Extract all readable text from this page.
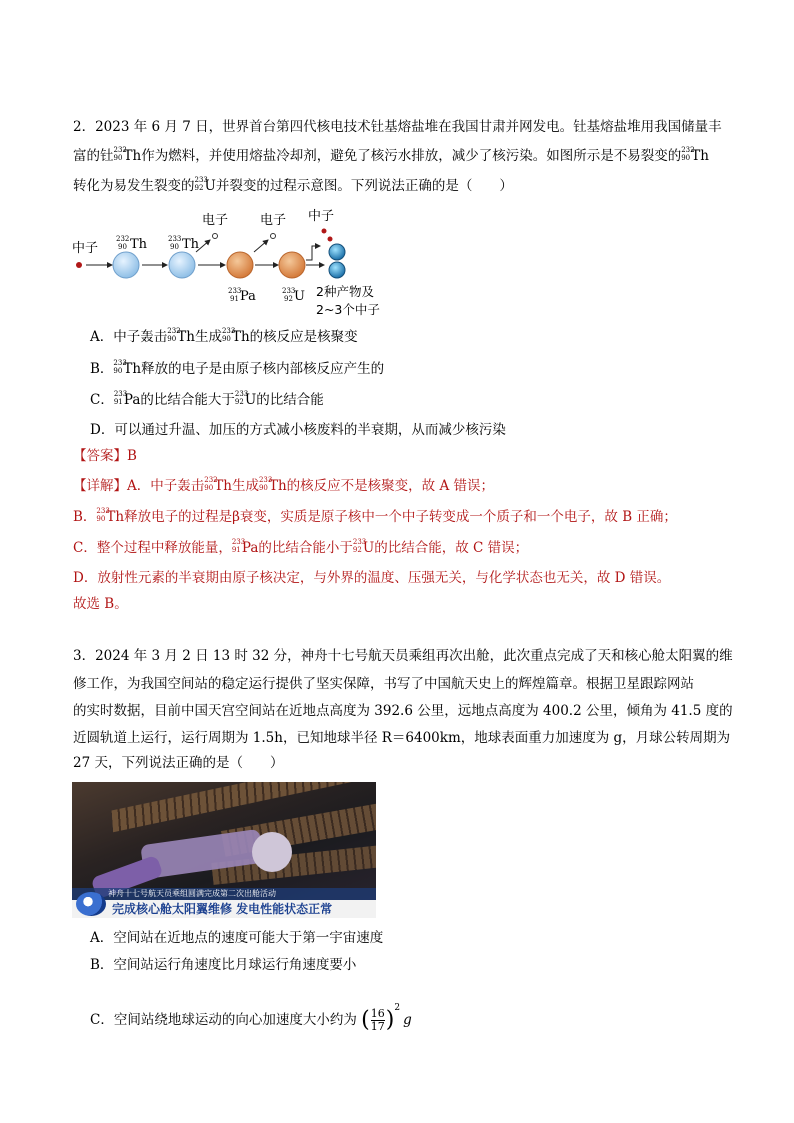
2．2023 年 6 月 7 日，世界首台第四代核电技术钍基熔盐堆在我国甘肃并网发电。钍基熔盐堆用我国储量丰
富的钍 232
90 Th作为燃料，并使用熔盐冷却剂，避免了核污水排放，减少了核污染。如图所示是不易裂变的 232
90 Th
转化为易发生裂变的 233
92 U并裂变的过程示意图。下列说法正确的是（　　）
中子
232
90 Th	233
90 Th
电子
233
91 Pa
电子
233
92 U
中子
2种产物及
2~3个中子
A．中子轰击 232
90 Th生成 233
90 Th的核反应是核聚变
B． 233
90 Th释放的电子是由原子核内部核反应产生的
C． 233
91 Pa的比结合能大于 233
92 U的比结合能
D．可以通过升温、加压的方式减小核废料的半衰期，从而减少核污染
【答案】B
【详解】A．中子轰击 232
90 Th生成 233
90 Th的核反应不是核聚变，故 A 错误；
B． 233
90 Th释放电子的过程是β衰变，实质是原子核中一个中子转变成一个质子和一个电子，故 B 正确；
C．整个过程中释放能量， 233
91 Pa的比结合能小于 233
92 U的比结合能，故 C 错误；
D．放射性元素的半衰期由原子核决定，与外界的温度、压强无关，与化学状态也无关，故 D 错误。
故选 B。
3．2024 年 3 月 2 日 13 时 32 分，神舟十七号航天员乘组再次出舱，此次重点完成了天和核心舱太阳翼的维
修工作，为我国空间站的稳定运行提供了坚实保障，书写了中国航天史上的辉煌篇章。根据卫星跟踪网站
的实时数据，目前中国天宫空间站在近地点高度为 392.6 公里，远地点高度为 400.2 公里，倾角为 41.5 度的
近圆轨道上运行，运行周期为 1.5h，已知地球半径 R＝6400km，地球表面重力加速度为 g，月球公转周期为
27 天，下列说法正确的是（　　）
神舟十七号航天员乘组圆满完成第二次出舱活动
完成核心舱太阳翼维修 发电性能状态正常
A．空间站在近地点的速度可能大于第一宇宙速度
B．空间站运行角速度比月球运行角速度要小
C．空间站绕地球运动的向心加速度大小约为 ( $\frac{16}{17} )^2g$
